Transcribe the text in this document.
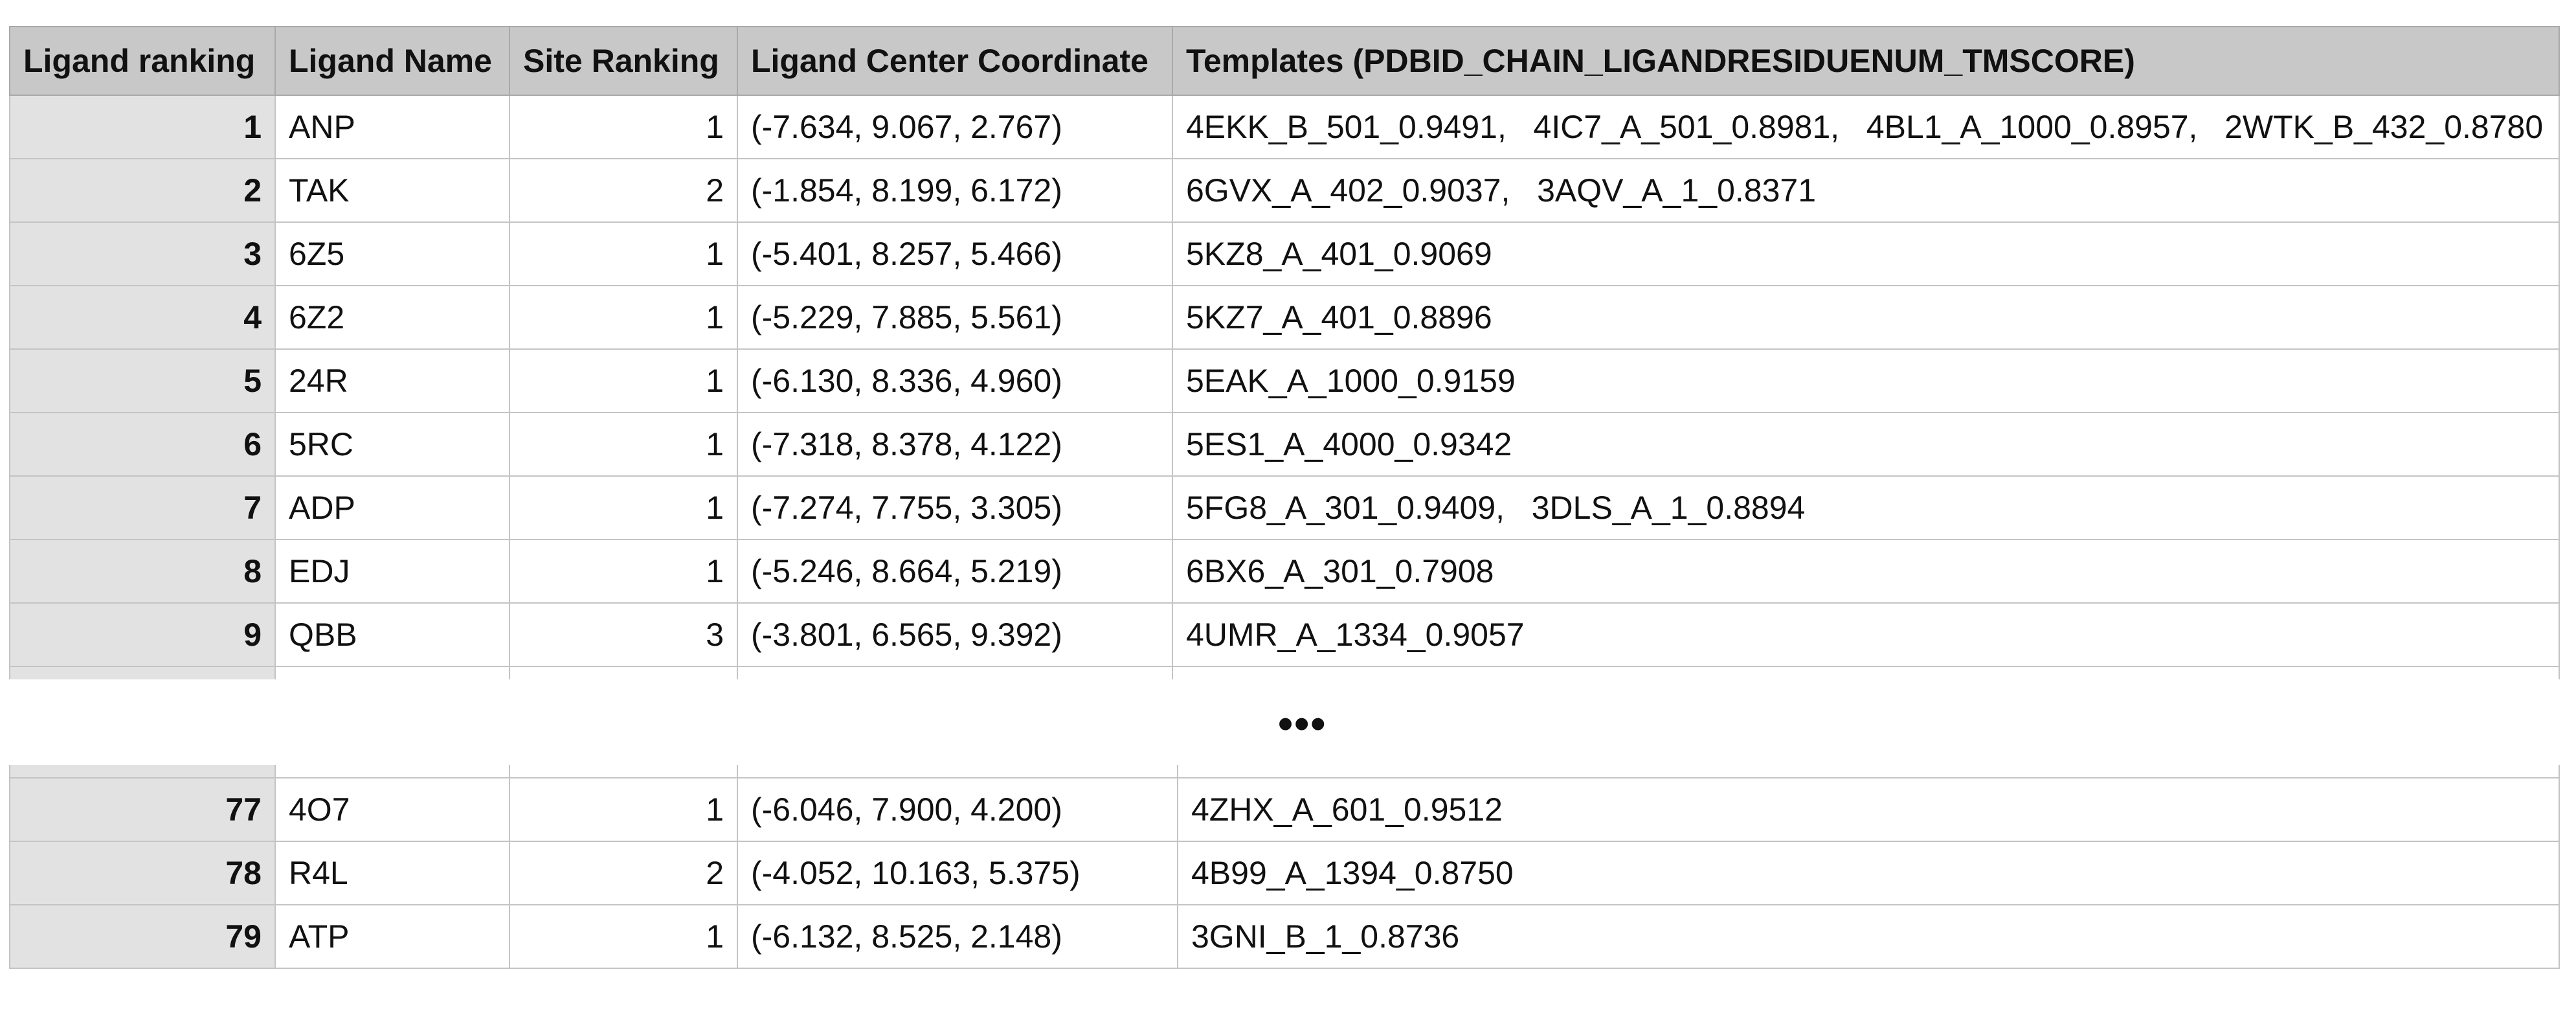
Ligand ranking	Ligand Name	Site Ranking	Ligand Center Coordinate	Templates (PDBID_CHAIN_LIGANDRESIDUENUM_TMSCORE)
1	ANP	1	(-7.634, 9.067, 2.767)	4EKK_B_501_0.9491,   4IC7_A_501_0.8981,   4BL1_A_1000_0.8957,   2WTK_B_432_0.8780
2	TAK	2	(-1.854, 8.199, 6.172)	6GVX_A_402_0.9037,   3AQV_A_1_0.8371
3	6Z5	1	(-5.401, 8.257, 5.466)	5KZ8_A_401_0.9069
4	6Z2	1	(-5.229, 7.885, 5.561)	5KZ7_A_401_0.8896
5	24R	1	(-6.130, 8.336, 4.960)	5EAK_A_1000_0.9159
6	5RC	1	(-7.318, 8.378, 4.122)	5ES1_A_4000_0.9342
7	ADP	1	(-7.274, 7.755, 3.305)	5FG8_A_301_0.9409,   3DLS_A_1_0.8894
8	EDJ	1	(-5.246, 8.664, 5.219)	6BX6_A_301_0.7908
9	QBB	3	(-3.801, 6.565, 9.392)	4UMR_A_1334_0.9057

•••

77	4O7	1	(-6.046, 7.900, 4.200)	4ZHX_A_601_0.9512
78	R4L	2	(-4.052, 10.163, 5.375)	4B99_A_1394_0.8750
79	ATP	1	(-6.132, 8.525, 2.148)	3GNI_B_1_0.8736
